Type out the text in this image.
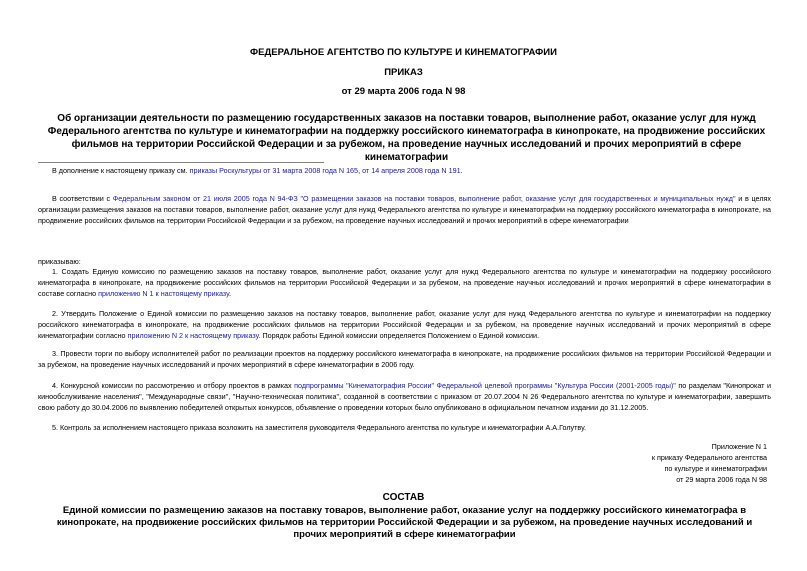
ФЕДЕРАЛЬНОЕ АГЕНТСТВО ПО КУЛЬТУРЕ И КИНЕМАТОГРАФИИ
ПРИКАЗ
от 29 марта 2006 года N 98
Об организации деятельности по размещению государственных заказов на поставки товаров, выполнение работ, оказание услуг для нужд Федерального агентства по культуре и кинематографии на поддержку российского кинематографа в кинопрокате, на продвижение российских фильмов на территории Российской Федерации и за рубежом, на проведение научных исследований и прочих мероприятий в сфере кинематографии
В дополнение к настоящему приказу см. приказы Роскультуры от 31 марта 2008 года N 165, от 14 апреля 2008 года N 191.
В соответствии с Федеральным законом от 21 июля 2005 года N 94-ФЗ "О размещении заказов на поставки товаров, выполнение работ, оказание услуг для государственных и муниципальных нужд" и в целях организации размещения заказов на поставки товаров, выполнение работ, оказание услуг для нужд Федерального агентства по культуре и кинематографии на поддержку российского кинематографа в кинопрокате, на продвижение российских фильмов на территории Российской Федерации и за рубежом, на проведение научных исследований и прочих мероприятий в сфере кинематографии
приказываю:
1. Создать Единую комиссию по размещению заказов на поставку товаров, выполнение работ, оказание услуг для нужд Федерального агентства по культуре и кинематографии на поддержку российского кинематографа в кинопрокате, на продвижение российских фильмов на территории Российской Федерации и за рубежом, на проведение научных исследований и прочих мероприятий в сфере кинематографии в составе согласно приложению N 1 к настоящему приказу.
2. Утвердить Положение о Единой комиссии по размещению заказов на поставку товаров, выполнение работ, оказание услуг для нужд Федерального агентства по культуре и кинематографии на поддержку российского кинематографа в кинопрокате, на продвижение российских фильмов на территории Российской Федерации и за рубежом, на проведение научных исследований и прочих мероприятий в сфере кинематографии согласно приложению N 2 к настоящему приказу. Порядок работы Единой комиссии определяется Положением о Единой комиссии.
3. Провести торги по выбору исполнителей работ по реализации проектов на поддержку российского кинематографа в кинопрокате, на продвижение российских фильмов на территории Российской Федерации и за рубежом, на проведение научных исследований и прочих мероприятий в сфере кинематографии в 2006 году.
4. Конкурсной комиссии по рассмотрению и отбору проектов в рамках подпрограммы "Кинематография России" Федеральной целевой программы "Культура России (2001-2005 годы)" по разделам "Кинопрокат и кинообслуживание населения", "Международные связи", "Научно-техническая политика", созданной в соответствии с приказом от 20.07.2004 N 26 Федерального агентства по культуре и кинематографии, завершить свою работу до 30.04.2006 по выявлению победителей открытых конкурсов, объявление о проведении которых было опубликовано в официальном печатном издании до 31.12.2005.
5. Контроль за исполнением настоящего приказа возложить на заместителя руководителя Федерального агентства по культуре и кинематографии А.А.Голутву.
Приложение N 1
к приказу Федерального агентства
по культуре и кинематографии
от 29 марта 2006 года N 98
СОСТАВ
Единой комиссии по размещению заказов на поставку товаров, выполнение работ, оказание услуг на поддержку российского кинематографа в кинопрокате, на продвижение российских фильмов на территории Российской Федерации и за рубежом, на проведение научных исследований и прочих мероприятий в сфере кинематографии
